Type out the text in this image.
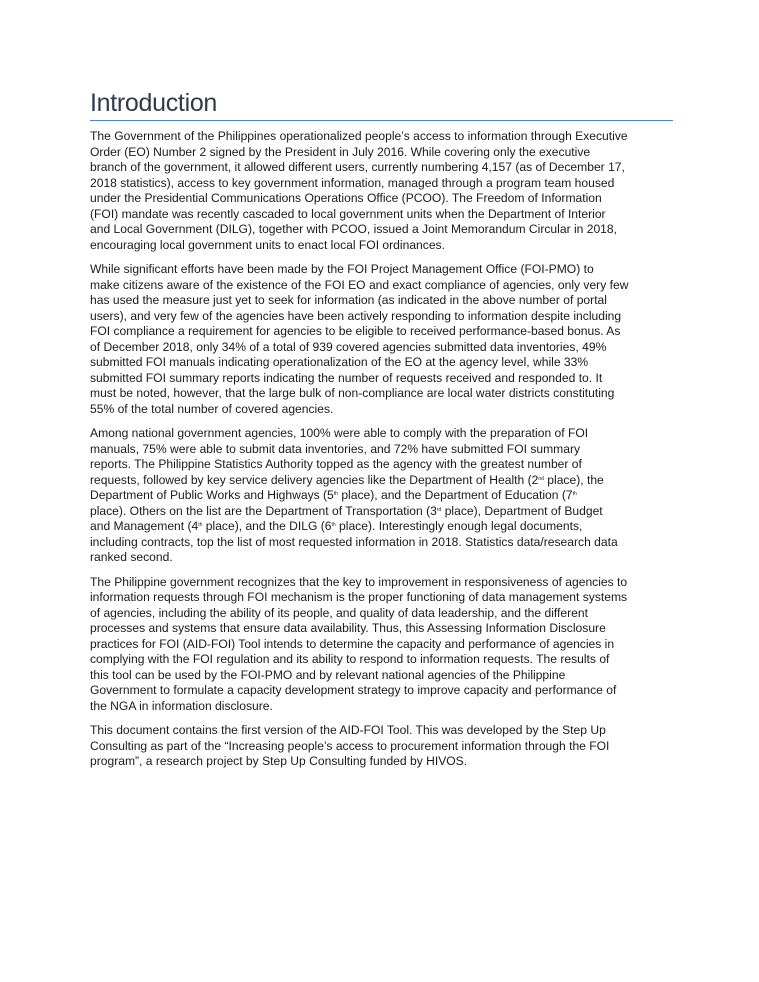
Introduction

The Government of the Philippines operationalized people’s access to information through Executive
Order (EO) Number 2 signed by the President in July 2016. While covering only the executive
branch of the government, it allowed different users, currently numbering 4,157 (as of December 17,
2018 statistics), access to key government information, managed through a program team housed
under the Presidential Communications Operations Office (PCOO). The Freedom of Information
(FOI) mandate was recently cascaded to local government units when the Department of Interior
and Local Government (DILG), together with PCOO, issued a Joint Memorandum Circular in 2018,
encouraging local government units to enact local FOI ordinances.

While significant efforts have been made by the FOI Project Management Office (FOI-PMO) to
make citizens aware of the existence of the FOI EO and exact compliance of agencies, only very few
has used the measure just yet to seek for information (as indicated in the above number of portal
users), and very few of the agencies have been actively responding to information despite including
FOI compliance a requirement for agencies to be eligible to received performance-based bonus. As
of December 2018, only 34% of a total of 939 covered agencies submitted data inventories, 49%
submitted FOI manuals indicating operationalization of the EO at the agency level, while 33%
submitted FOI summary reports indicating the number of requests received and responded to. It
must be noted, however, that the large bulk of non-compliance are local water districts constituting
55% of the total number of covered agencies.

Among national government agencies, 100% were able to comply with the preparation of FOI
manuals, 75% were able to submit data inventories, and 72% have submitted FOI summary
reports. The Philippine Statistics Authority topped as the agency with the greatest number of
requests, followed by key service delivery agencies like the Department of Health (2nd place), the
Department of Public Works and Highways (5th place), and the Department of Education (7th
place). Others on the list are the Department of Transportation (3rd place), Department of Budget
and Management (4th place), and the DILG (6th place). Interestingly enough legal documents,
including contracts, top the list of most requested information in 2018. Statistics data/research data
ranked second.

The Philippine government recognizes that the key to improvement in responsiveness of agencies to
information requests through FOI mechanism is the proper functioning of data management systems
of agencies, including the ability of its people, and quality of data leadership, and the different
processes and systems that ensure data availability. Thus, this Assessing Information Disclosure
practices for FOI (AID-FOI) Tool intends to determine the capacity and performance of agencies in
complying with the FOI regulation and its ability to respond to information requests. The results of
this tool can be used by the FOI-PMO and by relevant national agencies of the Philippine
Government to formulate a capacity development strategy to improve capacity and performance of
the NGA in information disclosure.

This document contains the first version of the AID-FOI Tool. This was developed by the Step Up
Consulting as part of the “Increasing people’s access to procurement information through the FOI
program”, a research project by Step Up Consulting funded by HIVOS.
